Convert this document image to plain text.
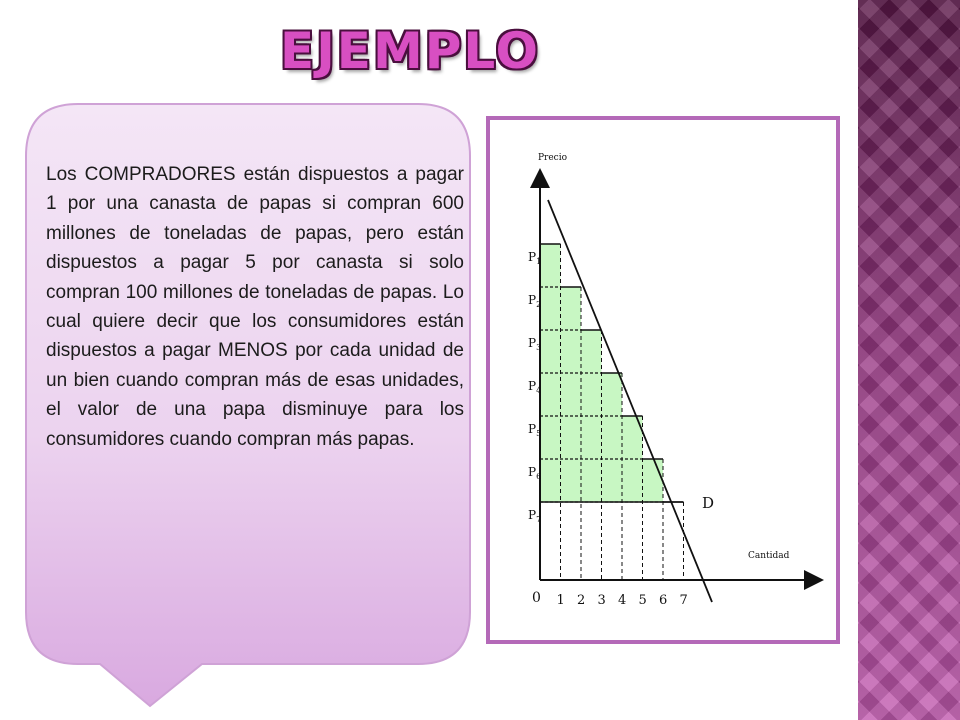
EJEMPLO
Los COMPRADORES están dispuestos a pagar 1 por una canasta de papas si compran 600 millones de toneladas de papas, pero están dispuestos a pagar 5 por canasta si solo compran 100 millones de toneladas de papas. Lo cual quiere decir que los consumidores están dispuestos a pagar MENOS por cada unidad de un bien cuando compran más de esas unidades, el valor de una papa disminuye para los consumidores cuando compran más papas.
Precio
Cantidad
0
D
$P_1$
$P_2$
$P_3$
$P_4$
$P_5$
$P_6$
$P_7$
1 2 3 4 5 6 7
